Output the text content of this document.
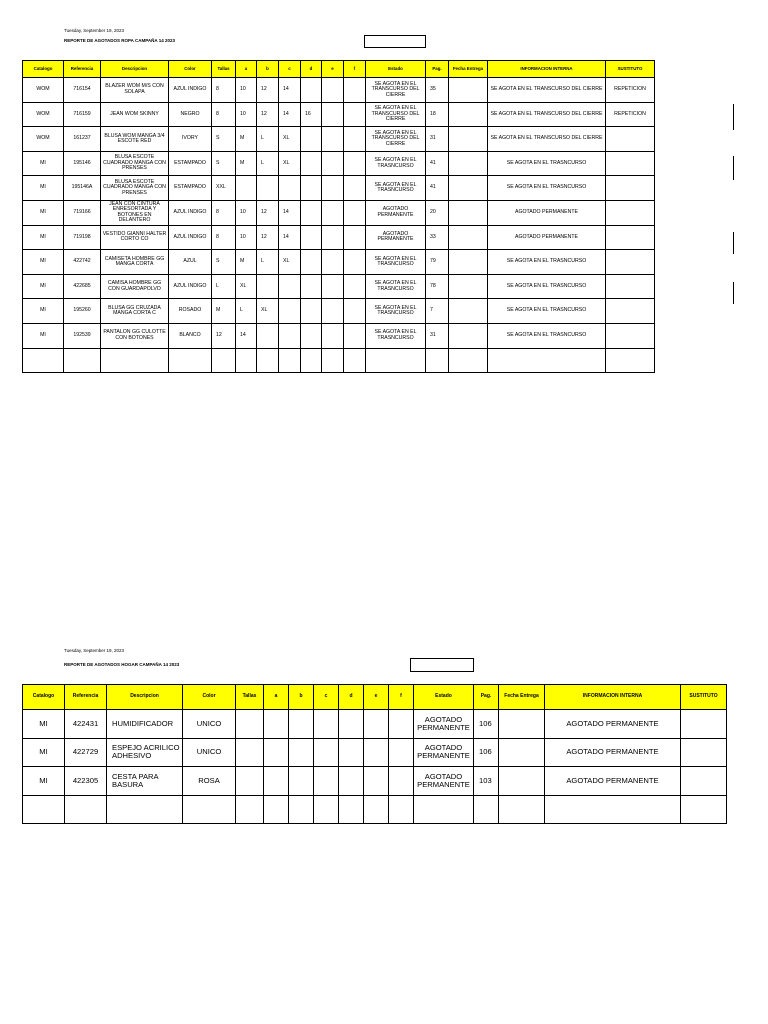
Tuesday, September 19, 2023
REPORTE DE AGOTADOS ROPA CAMPAÑA 14 2023
Catalogo	Referencia	Descripcion	Color	Tallas	a	b	c	d	e	f	Estado	Pag.	Fecha Entrega	INFORMACION INTERNA	SUSTITUTO
WOM	716154	BLAZER WOM M/S CON SOLAPA	AZUL INDIGO	8	10	12	14				SE AGOTA EN EL TRANSCURSO DEL CIERRE	35		SE AGOTA EN EL TRANSCURSO DEL CIERRE	REPETICION
WOM	716159	JEAN WOM SKINNY	NEGRO	8	10	12	14	16			SE AGOTA EN EL TRANSCURSO DEL CIERRE	18		SE AGOTA EN EL TRANSCURSO DEL CIERRE	REPETICION
WOM	161237	BLUSA WOM MANGA 3/4 ESCOTE RED	IVORY	S	M	L	XL				SE AGOTA EN EL TRANSCURSO DEL CIERRE	31		SE AGOTA EN EL TRANSCURSO DEL CIERRE	
MI	195146	BLUSA ESCOTE CUADRADO MANGA CON PRENSES	ESTAMPADO	S	M	L	XL				SE AGOTA EN EL TRASNCURSO	41		SE AGOTA EN EL TRASNCURSO	
MI	195146A	BLUSA ESCOTE CUADRADO MANGA CON PRENSES	ESTAMPADO	XXL							SE AGOTA EN EL TRASNCURSO	41		SE AGOTA EN EL TRASNCURSO	
MI	719166	JEAN CON CINTURA ENRESORTADA Y BOTONES EN DELANTERO	AZUL INDIGO	8	10	12	14				AGOTADO PERMANENTE	20		AGOTADO PERMANENTE	
MI	719198	VESTIDO GIANNI HALTER CORTO CO	AZUL INDIGO	8	10	12	14				AGOTADO PERMANENTE	33		AGOTADO PERMANENTE	
MI	422742	CAMISETA HOMBRE GG MANGA CORTA	AZUL	S	M	L	XL				SE AGOTA EN EL TRASNCURSO	79		SE AGOTA EN EL TRASNCURSO	
MI	422685	CAMISA HOMBRE GG CON GUARDAPOLVO	AZUL INDIGO	L	XL						SE AGOTA EN EL TRASNCURSO	78		SE AGOTA EN EL TRASNCURSO	
MI	195260	BLUSA GG CRUZADA MANGA CORTA C	ROSADO	M	L	XL					SE AGOTA EN EL TRASNCURSO	7		SE AGOTA EN EL TRASNCURSO	
MI	192539	PANTALON GG CULOTTE CON BOTONES	BLANCO	12	14						SE AGOTA EN EL TRASNCURSO	31		SE AGOTA EN EL TRASNCURSO	

Tuesday, September 19, 2023
REPORTE DE AGOTADOS HOGAR CAMPAÑA 14 2023
Catalogo	Referencia	Descripcion	Color	Tallas	a	b	c	d	e	f	Estado	Pag.	Fecha Entrega	INFORMACION INTERNA	SUSTITUTO
MI	422431	HUMIDIFICADOR	UNICO								AGOTADO PERMANENTE	106		AGOTADO PERMANENTE	
MI	422729	ESPEJO ACRILICO ADHESIVO	UNICO								AGOTADO PERMANENTE	106		AGOTADO PERMANENTE	
MI	422305	CESTA PARA BASURA	ROSA								AGOTADO PERMANENTE	103		AGOTADO PERMANENTE	
